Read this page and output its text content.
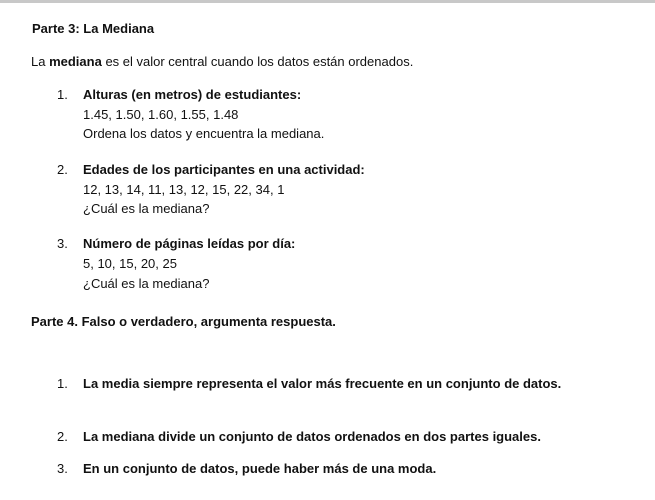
Parte 3: La Mediana
La mediana es el valor central cuando los datos están ordenados.
1. Alturas (en metros) de estudiantes:
1.45, 1.50, 1.60, 1.55, 1.48
Ordena los datos y encuentra la mediana.
2. Edades de los participantes en una actividad:
12, 13, 14, 11, 13, 12, 15, 22, 34, 1
¿Cuál es la mediana?
3. Número de páginas leídas por día:
5, 10, 15, 20, 25
¿Cuál es la mediana?
Parte 4. Falso o verdadero, argumenta respuesta.
1. La media siempre representa el valor más frecuente en un conjunto de datos.
2. La mediana divide un conjunto de datos ordenados en dos partes iguales.
3. En un conjunto de datos, puede haber más de una moda.
